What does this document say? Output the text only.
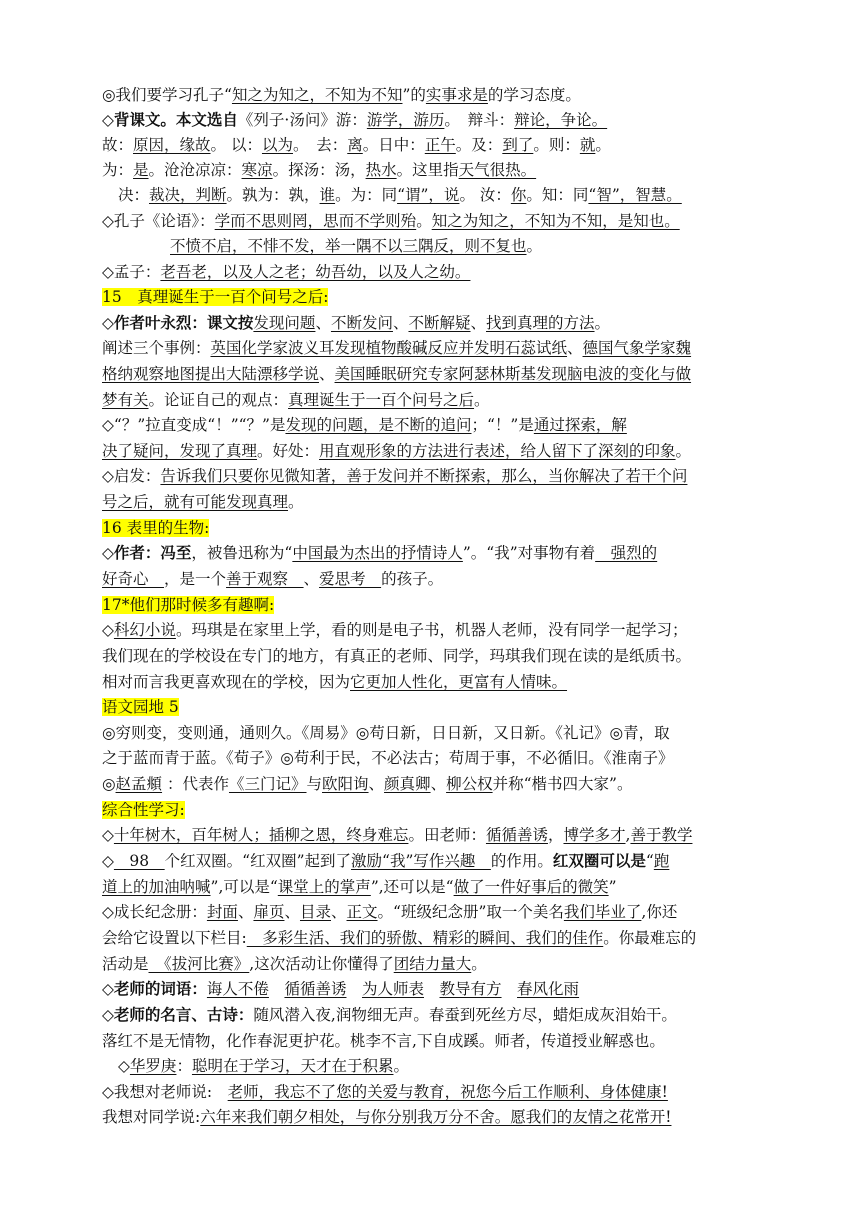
◎我们要学习孔子“知之为知之，不知为不知”的实事求是的学习态度。
◇背课文。本文选自《列子·汤问》游：游学，游历。　辩斗：辩论，争论。
故：原因，缘故。 以：以为。　去：离。日中：正午。及：到了。则：就。
为：是。沧沧凉凉：寒凉。探汤：汤，热水。这里指天气很热。
决：裁决，判断。孰为：孰，谁。为：同“谓”，说。 汝：你。知：同“智”，智慧。
◇孔子《论语》：学而不思则罔，思而不学则殆。知之为知之，不知为不知，是知也。
不愤不启，不悱不发，举一隅不以三隅反，则不复也。
◇孟子：老吾老，以及人之老；幼吾幼，以及人之幼。
15　真理诞生于一百个问号之后:
◇作者叶永烈：课文按发现问题、不断发问、不断解疑、找到真理的方法。
阐述三个事例：英国化学家波义耳发现植物酸碱反应并发明石蕊试纸、德国气象学家魏
格纳观察地图提出大陆漂移学说、美国睡眠研究专家阿瑟林斯基发现脑电波的变化与做
梦有关。论证自己的观点：真理诞生于一百个问号之后。
◇“？”拉直变成“！”“？”是发现的问题，是不断的追问；“！”是通过探索，解
决了疑问，发现了真理。好处：用直观形象的方法进行表述，给人留下了深刻的印象。
◇启发：告诉我们只要你见微知著，善于发问并不断探索，那么，当你解决了若干个问
号之后，就有可能发现真理。
16 表里的生物:
◇作者：冯至，被鲁迅称为“中国最为杰出的抒情诗人”。“我”对事物有着　强烈的
好奇心　，是一个善于观察　、爱思考　的孩子。
17*他们那时候多有趣啊:
◇科幻小说。玛琪是在家里上学，看的则是电子书，机器人老师，没有同学一起学习；
我们现在的学校设在专门的地方，有真正的老师、同学，玛琪我们现在读的是纸质书。
相对而言我更喜欢现在的学校，因为它更加人性化，更富有人情味。
语文园地 5
◎穷则变，变则通，通则久。《周易》◎苟日新，日日新，又日新。《礼记》◎青，取
之于蓝而青于蓝。《荀子》◎苟利于民，不必法古；苟周于事，不必循旧。《淮南子》
◎赵孟頫 ：代表作《三门记》与欧阳询、颜真卿、柳公权并称“楷书四大家”。
综合性学习:
◇十年树木，百年树人；插柳之恩，终身难忘。田老师：循循善诱，博学多才,善于教学
◇　98　个红双圈。“红双圈”起到了激励“我”写作兴趣　的作用。红双圈可以是“跑
道上的加油呐喊”,可以是“课堂上的掌声”,还可以是“做了一件好事后的微笑”
◇成长纪念册：封面、扉页、目录、正文。“班级纪念册”取一个美名我们毕业了,你还
会给它设置以下栏目:　多彩生活、我们的骄傲、精彩的瞬间、我们的佳作。你最难忘的
活动是　《拔河比赛》,这次活动让你懂得了团结力量大。
◇老师的词语：诲人不倦　 循循善诱　 为人师表　 教导有方　 春风化雨
◇老师的名言、古诗：随风潜入夜,润物细无声。春蚕到死丝方尽，蜡炬成灰泪始干。
落红不是无情物，化作春泥更护花。桃李不言,下自成蹊。师者，传道授业解惑也。
◇华罗庚：聪明在于学习，天才在于积累。
◇我想对老师说:　老师，我忘不了您的关爱与教育，祝您今后工作顺利、身体健康!
我想对同学说:六年来我们朝夕相处，与你分别我万分不舍。愿我们的友情之花常开!
